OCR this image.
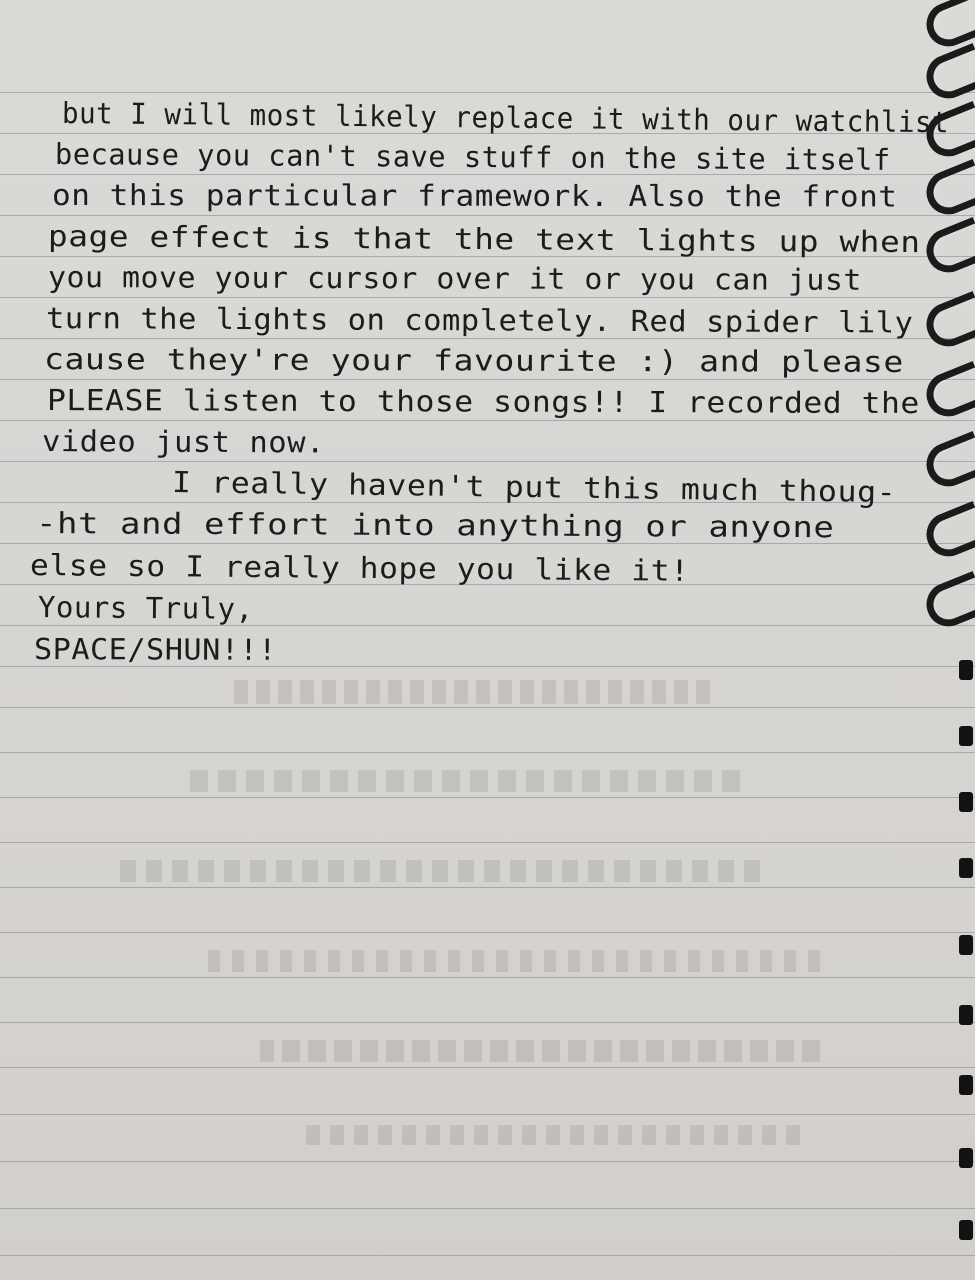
but I will most likely replace it with our watchlist
because you can't save stuff on the site itself
on this particular framework. Also the front
page effect is that the text lights up when
you move your cursor over it or you can just
turn the lights on completely. Red spider lily
cause they're your favourite :) and please
PLEASE listen to those songs!! I recorded the
video just now.
I really haven't put this much thoug-
-ht and effort into anything or anyone
else so I really hope you like it!
Yours Truly,
SPACE/SHUN!!!
